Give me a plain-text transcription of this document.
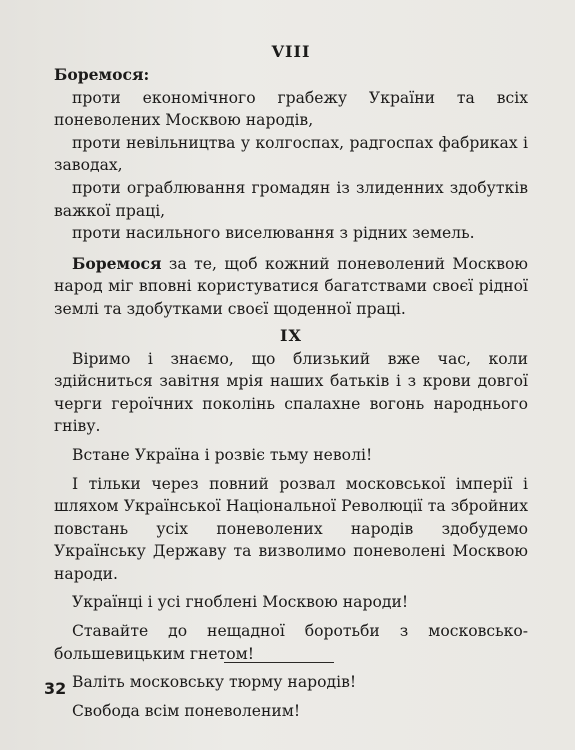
VIII
Боремося:

проти економічного грабежу України та всіх поневолених Москвою народів,

проти невільництва у колгоспах, радгоспах фабриках і заводах,

проти ограблювання громадян із злиденних здобутків важкої праці,

проти насильного виселювання з рідних земель.

Боремося за те, щоб кожний поневолений Москвою народ міг вповні користуватися багатствами своєї рідної землі та здобутками своєї щоденної праці.

IX

Віримо і знаємо, що близький вже час, коли здійсниться завітня мрія наших батьків і з крови довгої черги героїчних поколінь спалахне вогонь народнього гніву.

Встане Україна і розвіє тьму неволі!

І тільки через повний розвал московської імперії і шляхом Української Національної Революції та збройних повстань усіх поневолених народів здобудемо Українську Державу та визволимо поневолені Москвою народи.

Українці і усі гноблені Москвою народи!

Ставайте до нещадної боротьби з московсько-большевицьким гнетом!

Валіть московську тюрму народів!

Свобода всім поневоленим!

32
